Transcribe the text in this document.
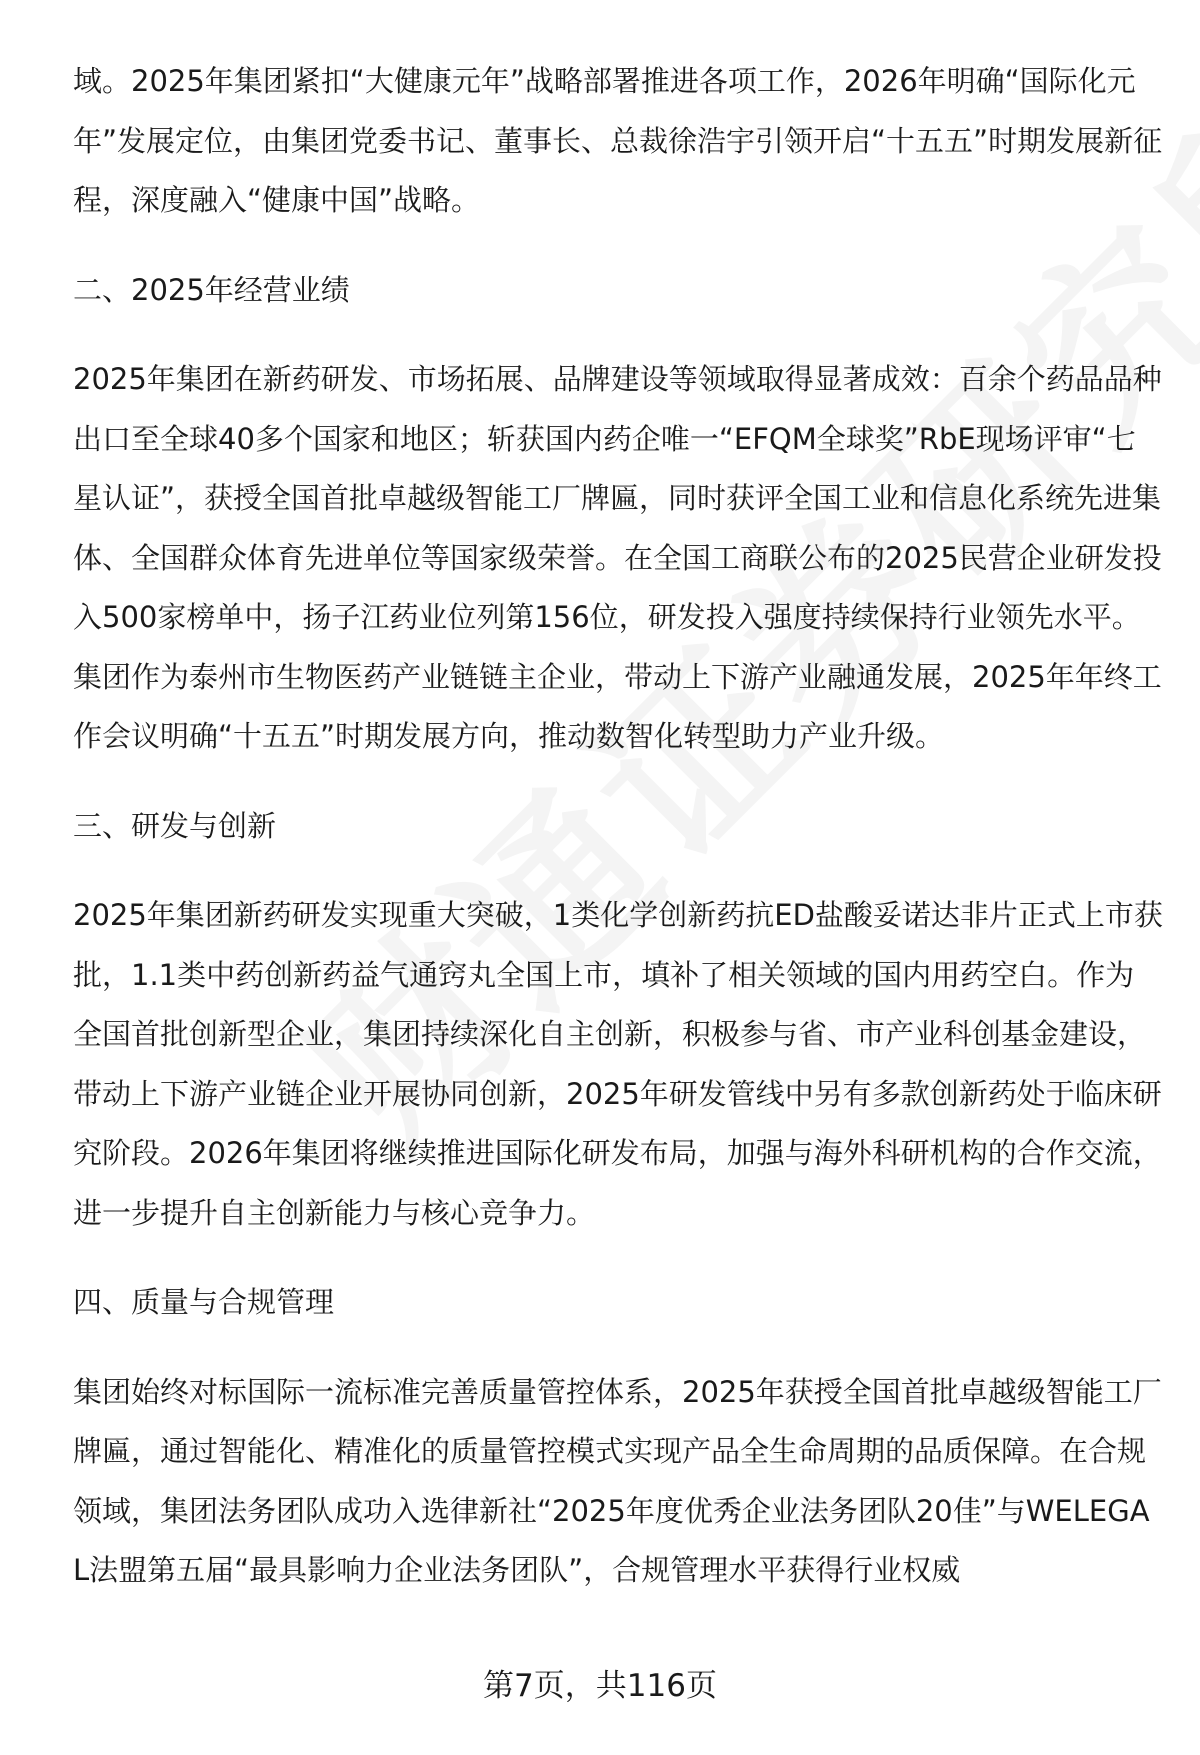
域。2025年集团紧扣“大健康元年”战略部署推进各项工作，2026年明确“国际化元年”发展定位，由集团党委书记、董事长、总裁徐浩宇引领开启“十五五”时期发展新征程，深度融入“健康中国”战略。

二、2025年经营业绩

2025年集团在新药研发、市场拓展、品牌建设等领域取得显著成效：百余个药品品种出口至全球40多个国家和地区；斩获国内药企唯一“EFQM全球奖”RbE现场评审“七星认证”，获授全国首批卓越级智能工厂牌匾，同时获评全国工业和信息化系统先进集体、全国群众体育先进单位等国家级荣誉。在全国工商联公布的2025民营企业研发投入500家榜单中，扬子江药业位列第156位，研发投入强度持续保持行业领先水平。集团作为泰州市生物医药产业链链主企业，带动上下游产业融通发展，2025年年终工作会议明确“十五五”时期发展方向，推动数智化转型助力产业升级。

三、研发与创新

2025年集团新药研发实现重大突破，1类化学创新药抗ED盐酸妥诺达非片正式上市获批，1.1类中药创新药益气通窍丸全国上市，填补了相关领域的国内用药空白。作为全国首批创新型企业，集团持续深化自主创新，积极参与省、市产业科创基金建设，带动上下游产业链企业开展协同创新，2025年研发管线中另有多款创新药处于临床研究阶段。2026年集团将继续推进国际化研发布局，加强与海外科研机构的合作交流，进一步提升自主创新能力与核心竞争力。

四、质量与合规管理

集团始终对标国际一流标准完善质量管控体系，2025年获授全国首批卓越级智能工厂牌匾，通过智能化、精准化的质量管控模式实现产品全生命周期的品质保障。在合规领域，集团法务团队成功入选律新社“2025年度优秀企业法务团队20佳”与WELEGAL法盟第五届“最具影响力企业法务团队”，合规管理水平获得行业权威

第7页，共116页
